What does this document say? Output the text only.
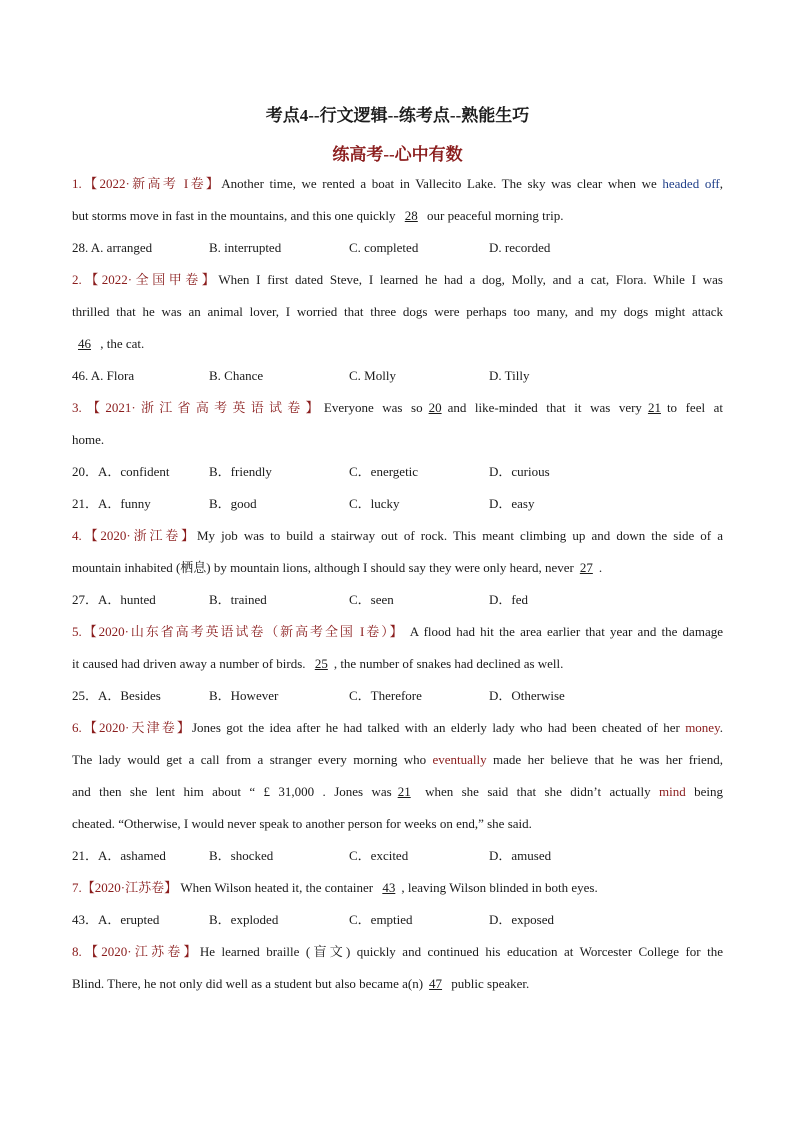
考点4--行文逻辑--练考点--熟能生巧
练高考--心中有数
1.【2022·新高考 I卷】Another time, we rented a boat in Vallecito Lake. The sky was clear when we headed off,
but storms move in fast in the mountains, and this one quickly 28 our peaceful morning trip.
28. A. arranged	B. interrupted	C. completed	D. recorded
2.【2022·全国甲卷】When I first dated Steve, I learned he had a dog, Molly, and a cat, Flora. While I was
thrilled that he was an animal lover, I worried that three dogs were perhaps too many, and my dogs might attack
46 , the cat.
46. A. Flora	B. Chance	C. Molly	D. Tilly
3.【2021·浙江省高考英语试卷】Everyone was so 20 and like-minded that it was very 21 to feel at
home.
20．A．confident	B．friendly	C．energetic	D．curious
21．A．funny	B．good	C．lucky	D．easy
4.【2020·浙江卷】My job was to build a stairway out of rock. This meant climbing up and down the side of a
mountain inhabited (栖息) by mountain lions, although I should say they were only heard, never 27 .
27．A．hunted	B．trained	C．seen	D．fed
5.【2020·山东省高考英语试卷（新高考全国 I卷）】 A flood had hit the area earlier that year and the damage
it caused had driven away a number of birds. 25 , the number of snakes had declined as well.
25．A．Besides	B．However	C．Therefore	D．Otherwise
6.【2020·天津卷】Jones got the idea after he had talked with an elderly lady who had been cheated of her money.
The lady would get a call from a stranger every morning who eventually made her believe that he was her friend,
and then she lent him about “ £ 31,000 . Jones was 21 when she said that she didn’t actually mind being
cheated. “Otherwise, I would never speak to another person for weeks on end,” she said.
21．A．ashamed	B．shocked	C．excited	D．amused
7.【2020·江苏卷】 When Wilson heated it, the container 43 , leaving Wilson blinded in both eyes.
43．A．erupted	B．exploded	C．emptied	D．exposed
8.【2020·江苏卷】He learned braille (盲文) quickly and continued his education at Worcester College for the
Blind. There, he not only did well as a student but also became a(n) 47 public speaker.
